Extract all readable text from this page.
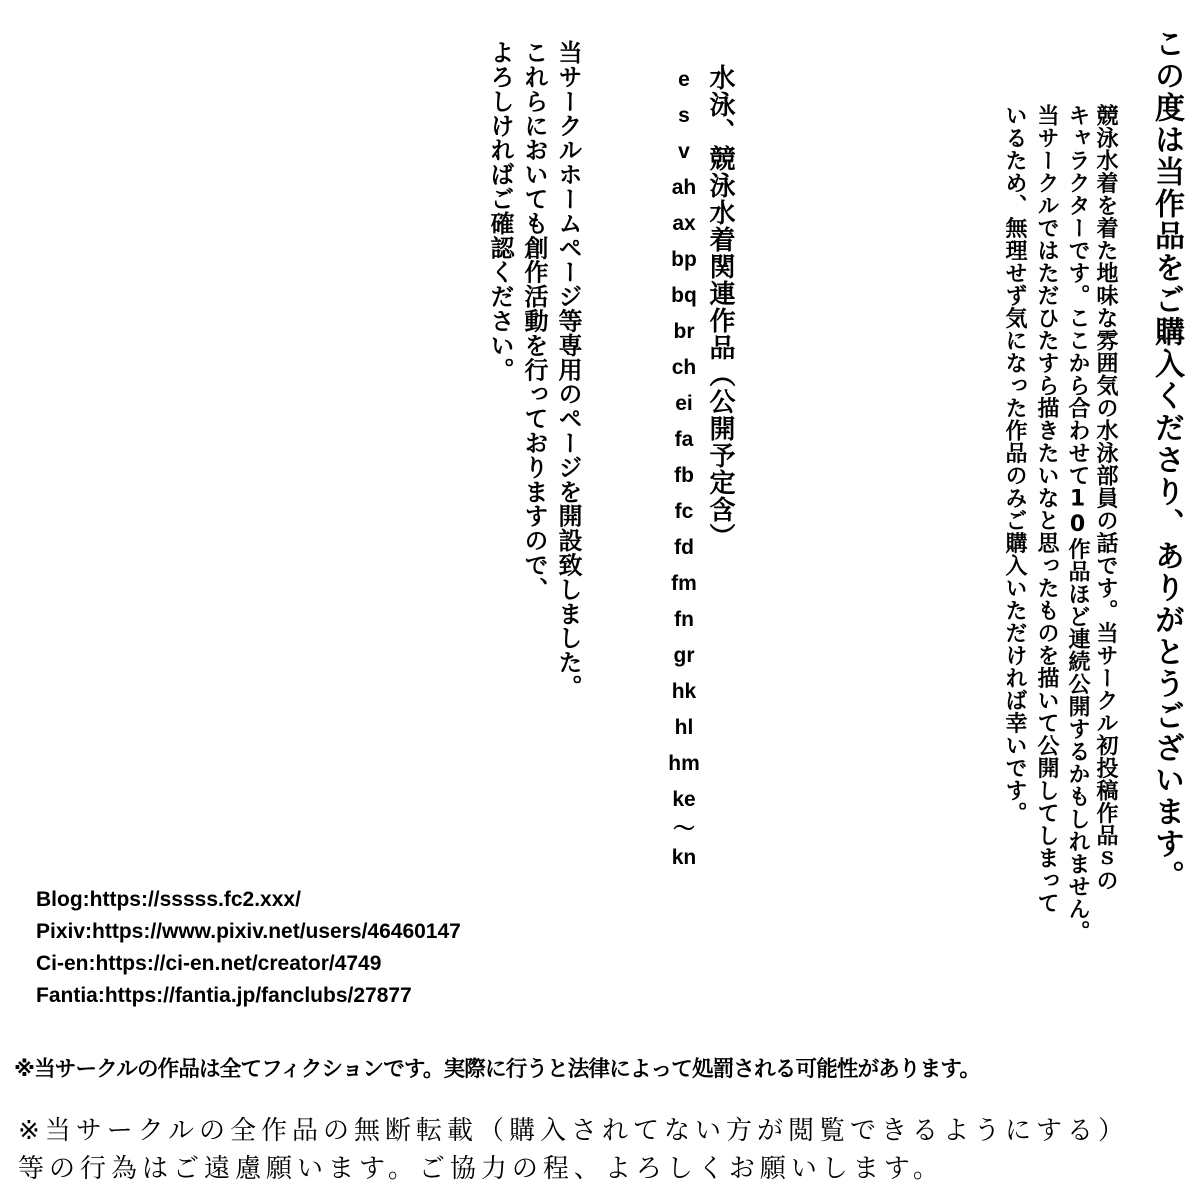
この度は当作品をご購入くださり、ありがとうございます。
競泳水着を着た地味な雰囲気の水泳部員の話です。当サークル初投稿作品ｓの
キャラクターです。ここから合わせて10作品ほど連続公開するかもしれません。
当サークルではただひたすら描きたいなと思ったものを描いて公開してしまって
いるため、無理せず気になった作品のみご購入いただければ幸いです。
水泳、競泳水着関連作品（公開予定含）
e
s
v
ah
ax
bp
bq
br
ch
ei
fa
fb
fc
fd
fm
fn
gr
hk
hl
hm
ke
～
kn
当サークルホームページ等専用のページを開設致しました。
これらにおいても創作活動を行っておりますので、
よろしければご確認ください。
Blog:https://sssss.fc2.xxx/
Pixiv:https://www.pixiv.net/users/46460147
Ci-en:https://ci-en.net/creator/4749
Fantia:https://fantia.jp/fanclubs/27877
※当サークルの作品は全てフィクションです。実際に行うと法律によって処罰される可能性があります。
※当サークルの全作品の無断転載（購入されてない方が閲覧できるようにする）
等の行為はご遠慮願います。ご協力の程、よろしくお願いします。
